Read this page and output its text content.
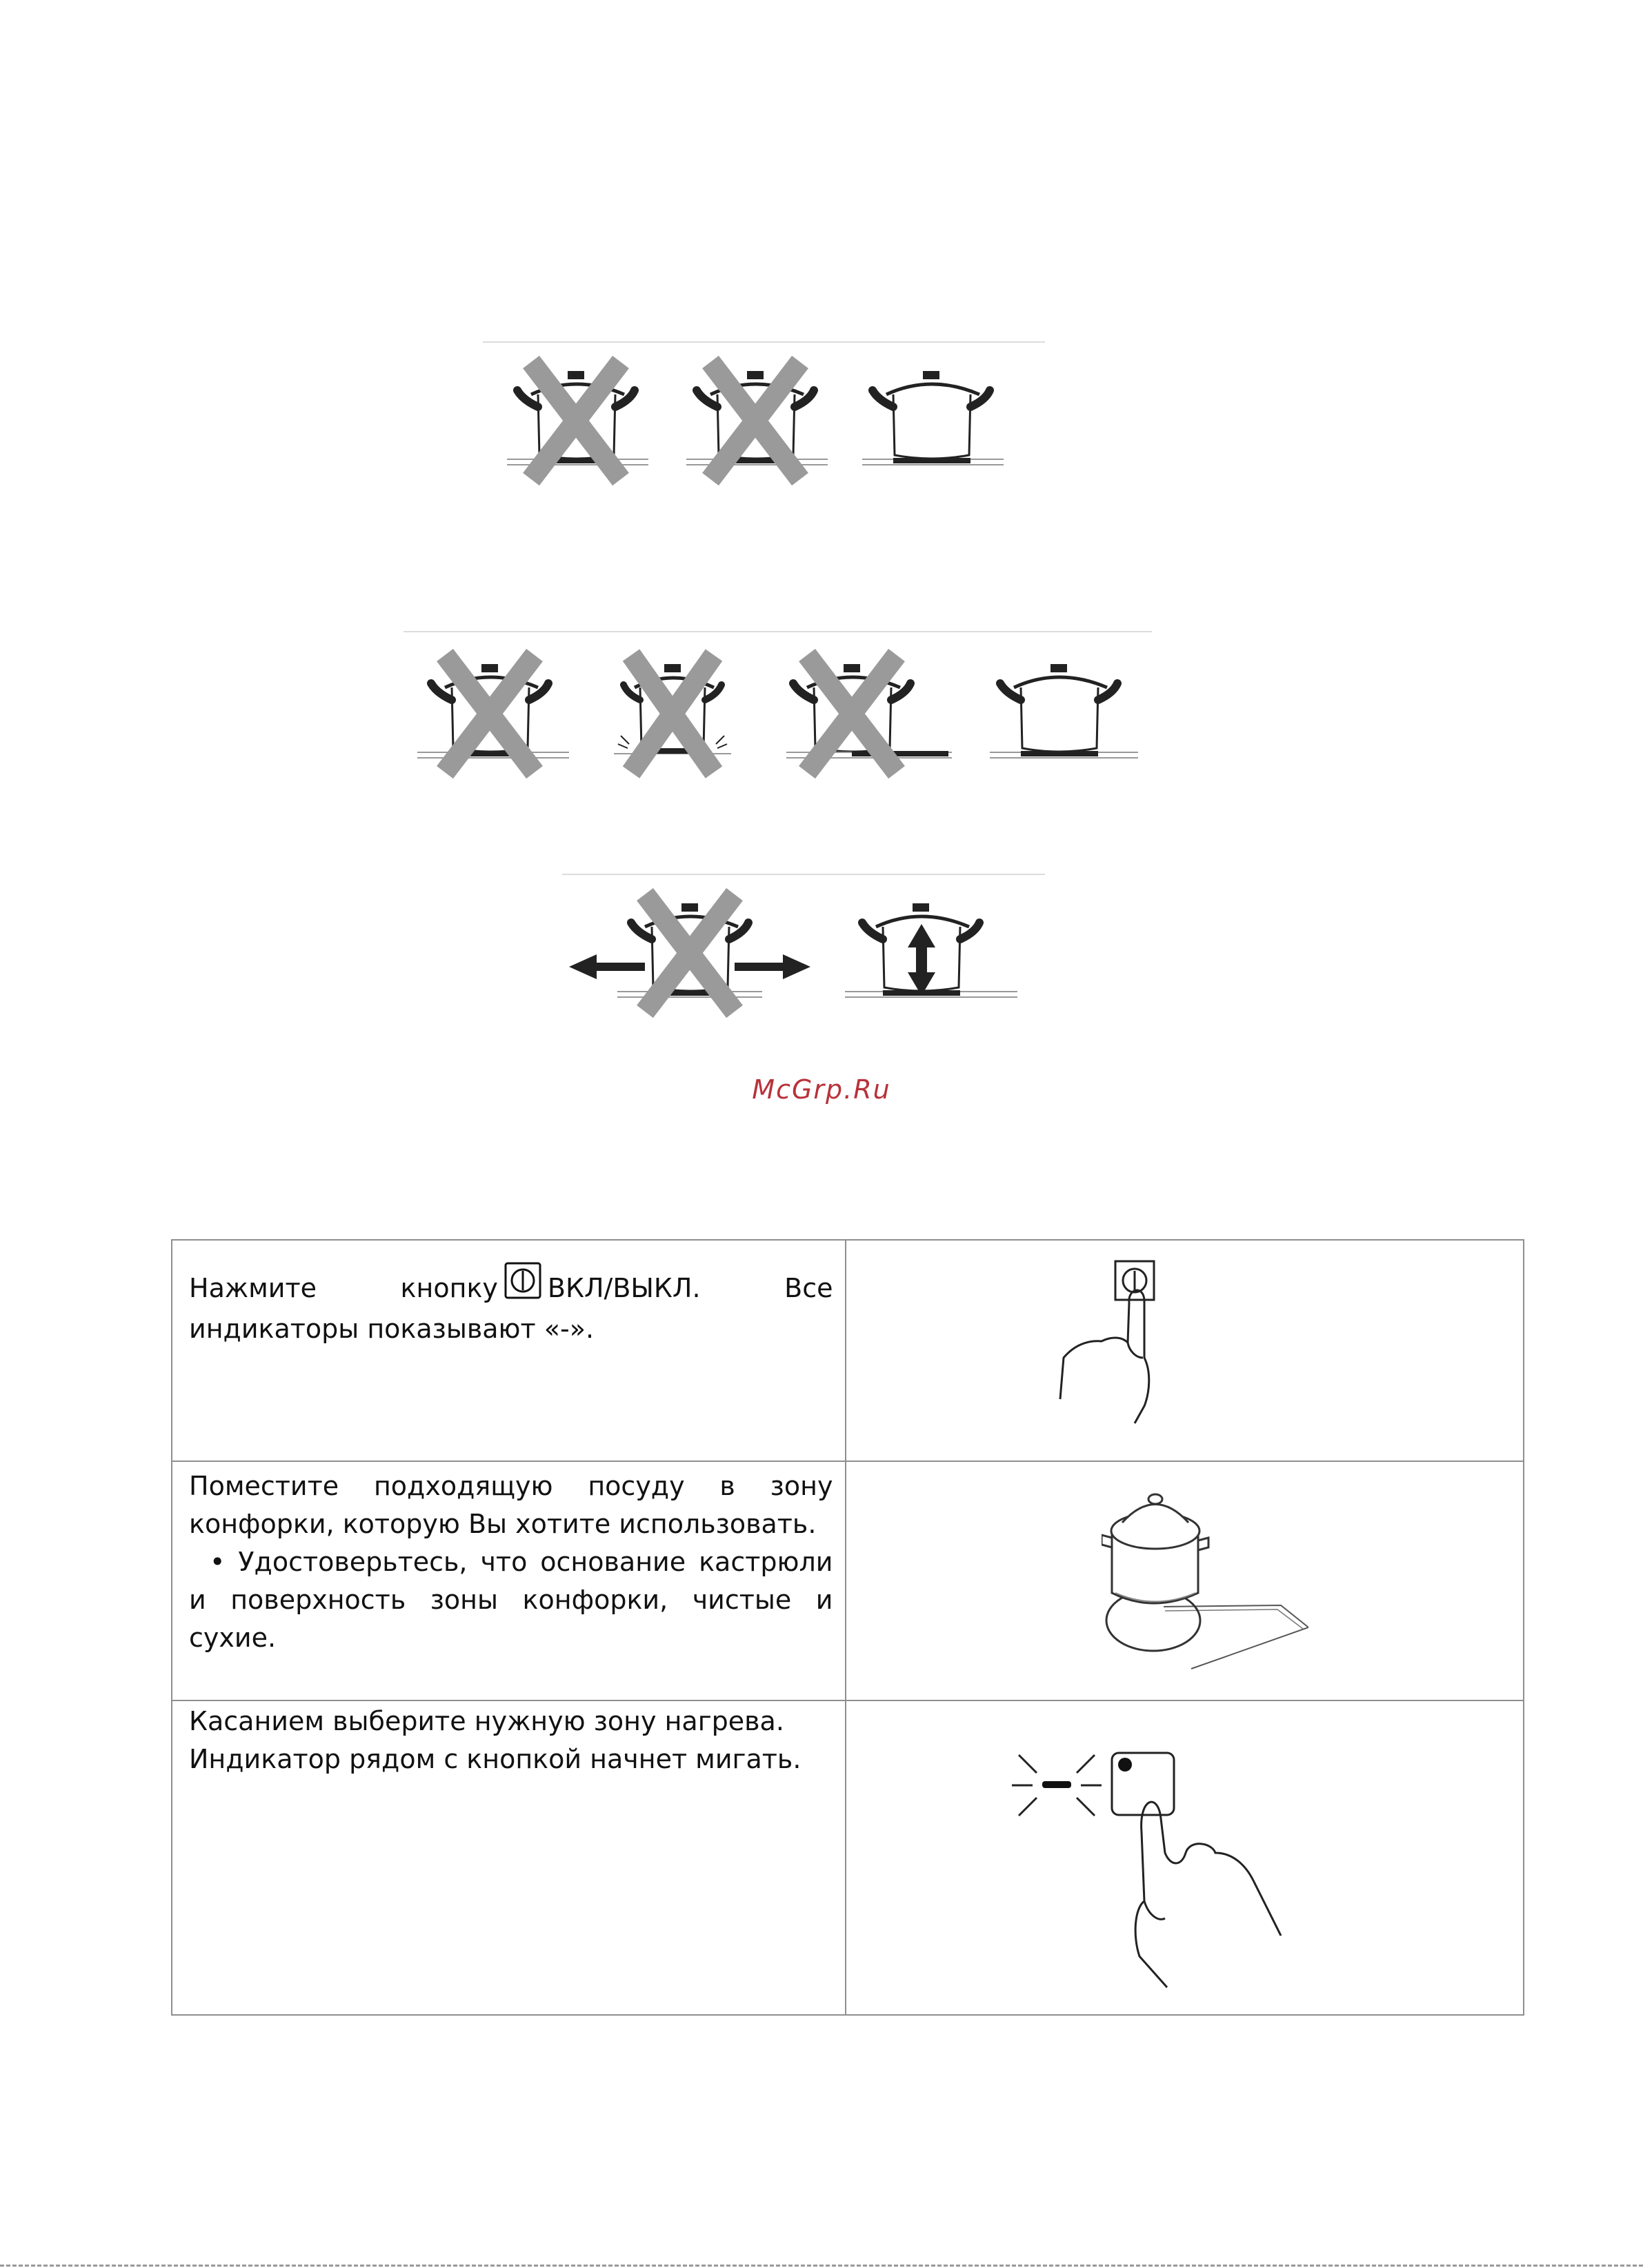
McGrp.Ru
Нажмите кнопку ВКЛ/ВЫКЛ. Все индикаторы показывают «-».

Поместите подходящую посуду в зону конфорки, которую Вы хотите использовать.
• Удостоверьтесь, что основание кастрюли и поверхность зоны конфорки, чистые и сухие.

Касанием выберите нужную зону нагрева.
Индикатор рядом с кнопкой начнет мигать.
